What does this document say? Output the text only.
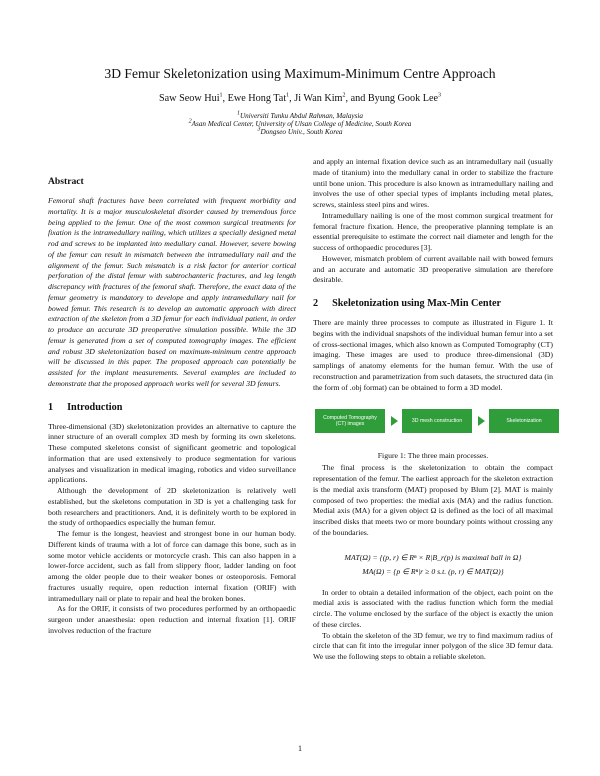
3D Femur Skeletonization using Maximum-Minimum Centre Approach
Saw Seow Hui$^1$, Ewe Hong Tat$^1$, Ji Wan Kim$^2$, and Byung Gook Lee$^3$
$^1$Universiti Tunku Abdul Rahman, Malaysia
$^2$Asan Medical Center, University of Ulsan College of Medicine, South Korea
$^3$Dongseo Univ., South Korea
Abstract

Femoral shaft fractures have been correlated with frequent morbidity and mortality. It is a major musculoskeletal disorder caused by tremendous force being applied to the femur. One of the most common surgical treatments for fixation is the intramedullary nailing, which utilizes a specially designed metal rod and screws to be implanted into medullary canal. However, severe bowing of the femur can result in mismatch between the intramedullary nail and the alignment of the femur. Such mismatch is a risk factor for anterior cortical perforation of the distal femur with subtrochanteric fractures, and leg length discrepancy with fractures of the femoral shaft. Therefore, the exact data of the femur geometry is mandatory to develope and apply intramedullary nail for bowed femur. This research is to develop an automatic approach with direct extraction of the skeleton from a 3D femur for each individual patient, in order to produce an accurate 3D preoperative simulation possible. While the 3D femur is generated from a set of computed tomography images. The efficient and robust 3D skeletonization based on maximum-minimum centre approach will be discussed in this paper. The proposed approach can potentially be assisted for the implant measurements. Several examples are included to demonstrate that the proposed approach works well for several 3D femurs.

1 Introduction

Three-dimensional (3D) skeletonization provides an alternative to capture the inner structure of an overall complex 3D mesh by forming its own skeletons. These computed skeletons consist of significant geometric and topological information that are used extensively to produce segmentation for various analyses and visualization in medical imaging, robotics and video surveillance applications.

Although the development of 2D skeletonization is relatively well established, but the skeletons computation in 3D is yet a challenging task for both researchers and practitioners. And, it is definitely worth to be explored in the study of orthopaedics especially the human femur.

The femur is the longest, heaviest and strongest bone in our human body. Different kinds of trauma with a lot of force can damage this bone, such as in some motor vehicle accidents or motorcycle crash. This can also happen in a lower-force accident, such as fall from slippery floor, ladder landing on foot among the older people due to their weaker bones or osteoporosis. Femoral fractures usually require, open reduction internal fixation (ORIF) with intramedullary nail or plate to repair and heal the broken bones.

As for the ORIF, it consists of two procedures performed by an orthopaedic surgeon under anaesthesia: open reduction and internal fixation [1]. ORIF involves reduction of the fracture

and apply an internal fixation device such as an intramedullary nail (usually made of titanium) into the medullary canal in order to stabilize the fracture until bone union. This procedure is also known as intramedullary nailing and involves the use of other special types of implants including metal plates, screws, stainless steel pins and wires.

Intramedullary nailing is one of the most common surgical treatment for femoral fracture fixation. Hence, the preoperative planning template is an essential prerequisite to estimate the correct nail diameter and length for the success of orthopaedic procedures [3].

However, mismatch problem of current available nail with bowed femurs and an accurate and automatic 3D preoperative simulation are therefore desirable.

2 Skeletonization using Max-Min Center

There are mainly three processes to compute as illustrated in Figure 1. It begins with the individual snapshots of the individual human femur into a set of cross-sectional images, which also known as Computed Tomography (CT) imaging. These images are used to produce three-dimensional (3D) samplings of anatomy elements for the human femur. With the use of reconstruction and parametrization from such datasets, the structured data (in the form of .obj format) can be obtained to form a 3D model.

Computed Tomography (CT) images	3D mesh construction	Skeletonization
Figure 1: The three main processes.

The final process is the skeletonization to obtain the compact representation of the femur. The earliest approach for the skeleton extraction is the medial axis transform (MAT) proposed by Blum [2]. MAT is mainly composed of two properties: the medial axis (MA) and the radius function. Medial axis (MA) for a given object Ω is defined as the loci of all maximal inscribed disks that meets two or more boundary points without crossing any of the boundaries.

MAT(Ω) = {(p, r) ∈ Rⁿ × R|B_r(p) is maximal ball in Ω}
MA(Ω) = {p ∈ Rⁿ|r ≥ 0 s.t. (p, r) ∈ MAT(Ω)}

In order to obtain a detailed information of the object, each point on the medial axis is associated with the radius function which form the medial circle. The volume enclosed by the surface of the object is exactly the union of these circles.

To obtain the skeleton of the 3D femur, we try to find maximum radius of circle that can fit into the irregular inner polygon of the slice 3D femur data. We use the following steps to obtain a reliable skeleton.

1
